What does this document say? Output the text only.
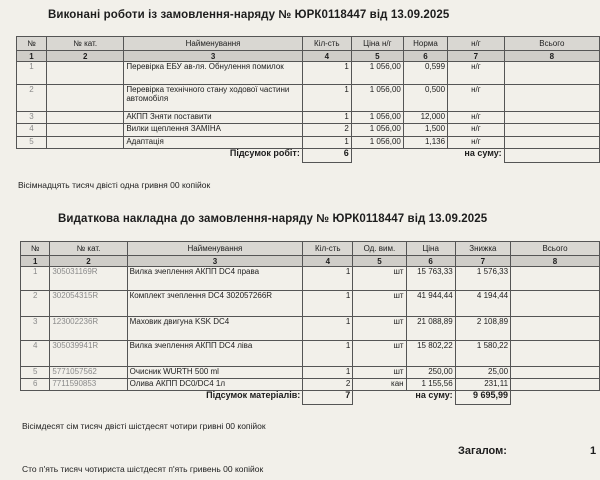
Виконані роботи із замовлення-наряду № ЮРК0118447 від 13.09.2025
№	№ кат.	Найменування	Кіл-сть	Ціна н/г	Норма	н/г	Всього
1	2	3	4	5	6	7	8
1		Перевірка ЕБУ ав-ля. Обнулення помилок	1	1 056,00	0,599	н/г	
2		Перевірка технічного стану ходової частини автомобіля	1	1 056,00	0,500	н/г	
3		АКПП Зняти поставити	1	1 056,00	12,000	н/г	
4		Вилки щеплення ЗАМІНА	2	1 056,00	1,500	н/г	
5		Адаптація	1	1 056,00	1,136	н/г	
Підсумок робіт:			6	на суму:			
Вісімнадцять тисяч двісті одна гривня 00 копійок
Видаткова накладна до замовлення-наряду № ЮРК0118447 від 13.09.2025
№	№ кат.	Найменування	Кіл-сть	Од. вим.	Ціна	Знижка	Всього
1	2	3	4	5	6	7	8
1	305031169R	Вилка зчеплення АКПП DC4 права	1	шт	15 763,33	1 576,33	
2	302054315R	Комплект зчеплення DC4 302057266R	1	шт	41 944,44	4 194,44	
3	123002236R	Маховик двигуна KSK DC4	1	шт	21 088,89	2 108,89	
4	305039941R	Вилка зчеплення АКПП DC4 ліва	1	шт	15 802,22	1 580,22	
5	5771057562	Очисник WURTH 500 ml	1	шт	250,00	25,00	
6	7711590853	Олива АКПП DC0/DC4 1л	2	кан	1 155,56	231,11	
Підсумок матеріалів:			7	на суму:		9 695,99	
Вісімдесят сім тисяч двісті шістдесят чотири гривні 00 копійок
Загалом:	1
Сто п'ять тисяч чотириста шістдесят п'ять гривень 00 копійок
